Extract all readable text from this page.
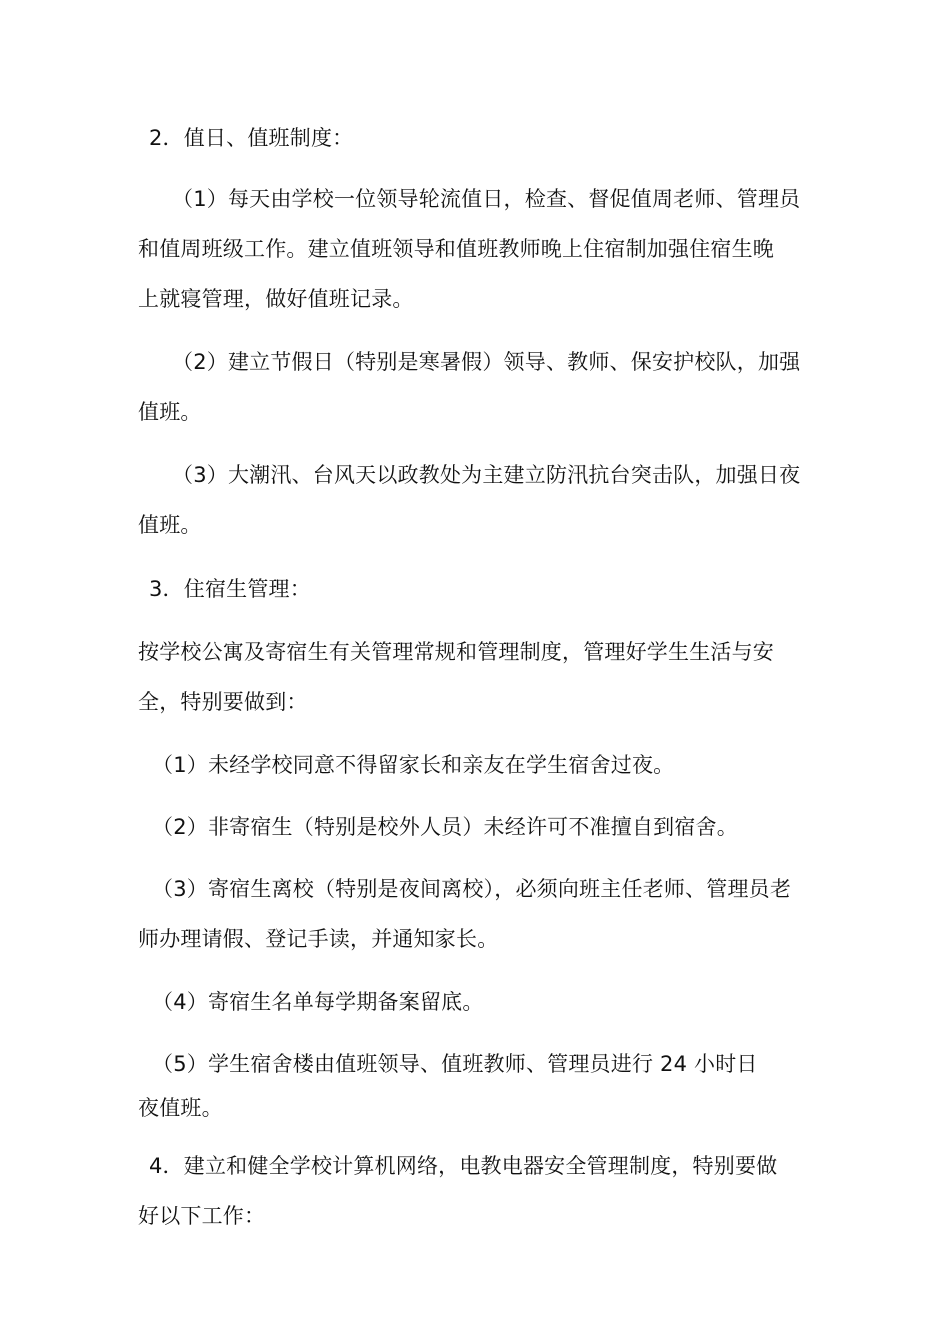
2．值日、值班制度：
（1）每天由学校一位领导轮流值日，检查、督促值周老师、管理员
和值周班级工作。建立值班领导和值班教师晚上住宿制加强住宿生晚
上就寝管理，做好值班记录。
（2）建立节假日（特别是寒暑假）领导、教师、保安护校队，加强
值班。
（3）大潮汛、台风天以政教处为主建立防汛抗台突击队，加强日夜
值班。
3．住宿生管理：
按学校公寓及寄宿生有关管理常规和管理制度，管理好学生生活与安
全，特别要做到：
（1）未经学校同意不得留家长和亲友在学生宿舍过夜。
（2）非寄宿生（特别是校外人员）未经许可不准擅自到宿舍。
（3）寄宿生离校（特别是夜间离校），必须向班主任老师、管理员老
师办理请假、登记手读，并通知家长。
（4）寄宿生名单每学期备案留底。
（5）学生宿舍楼由值班领导、值班教师、管理员进行 24 小时日
夜值班。
4．建立和健全学校计算机网络，电教电器安全管理制度，特别要做
好以下工作：
